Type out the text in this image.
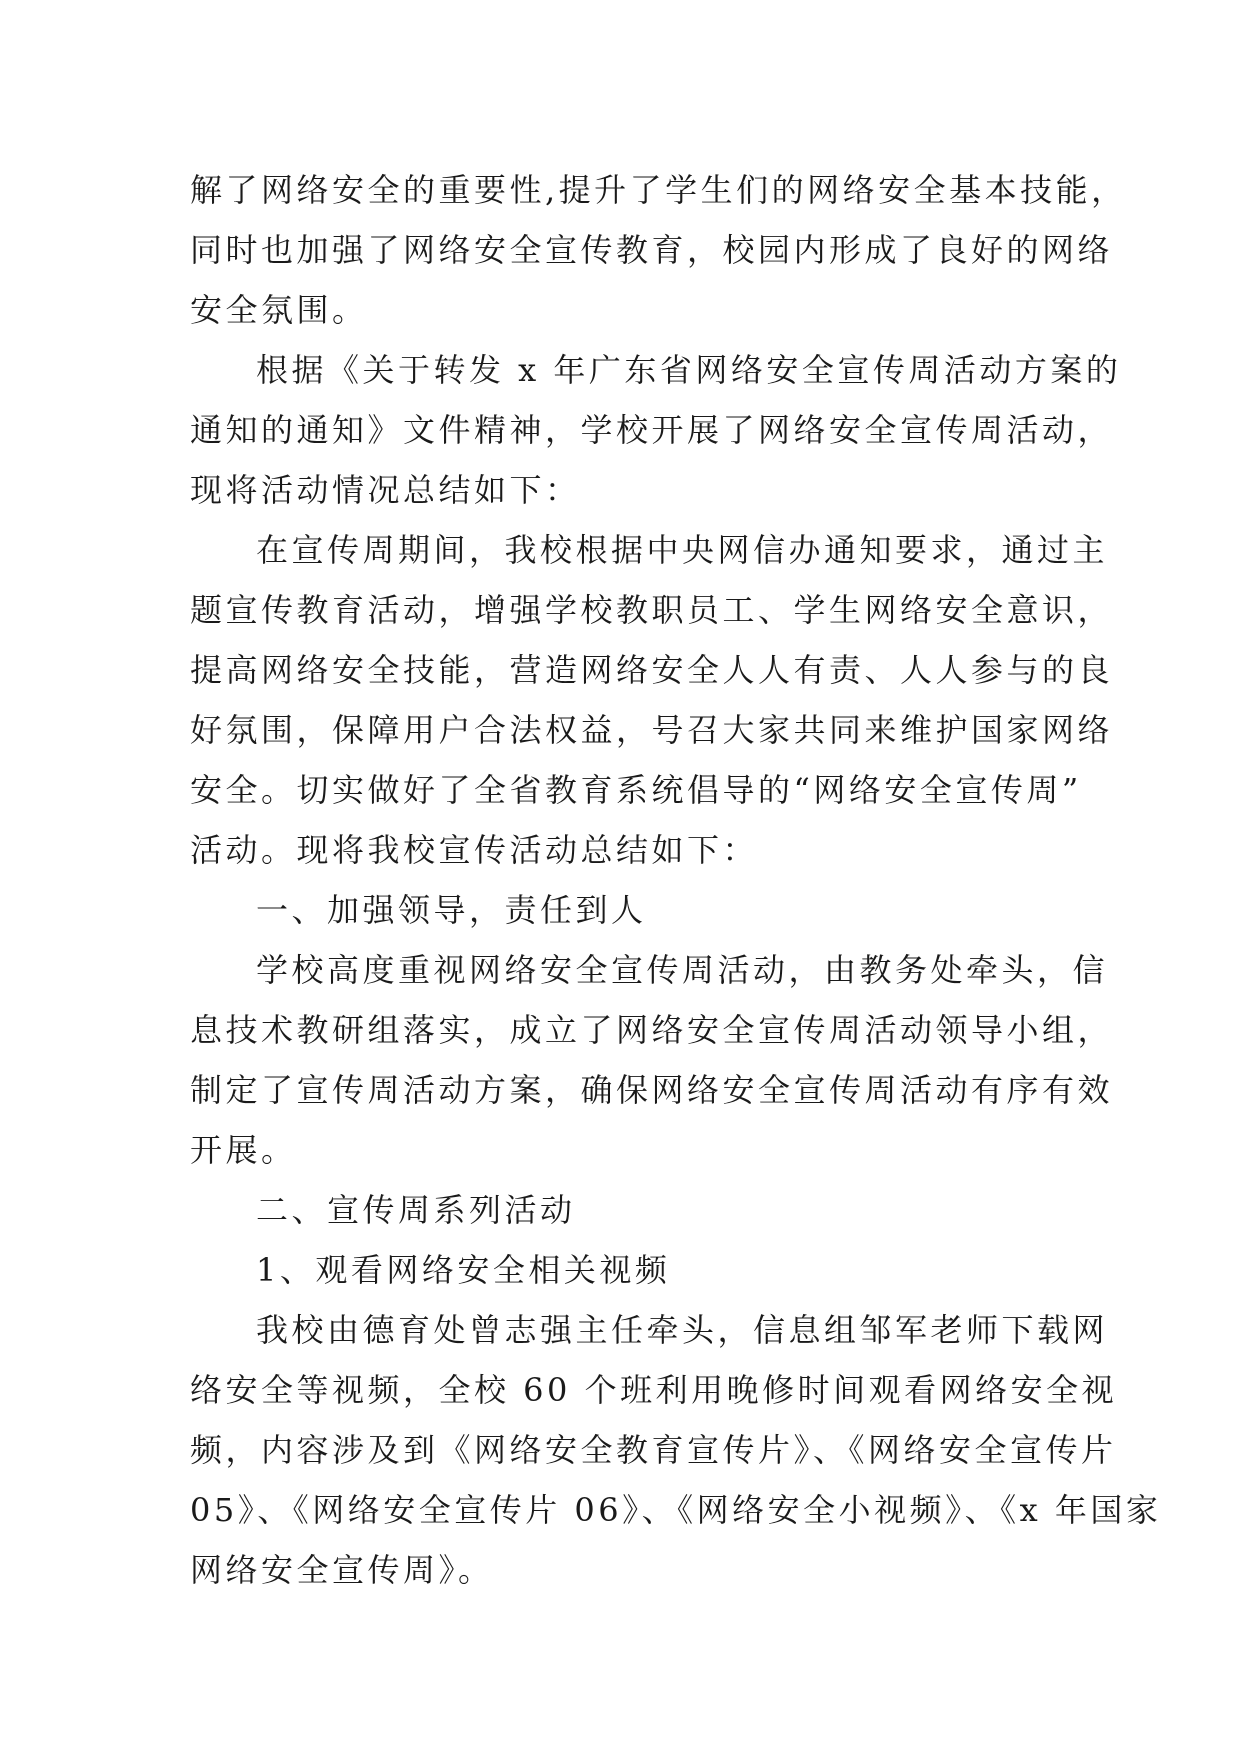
解了网络安全的重要性,提升了学生们的网络安全基本技能，
同时也加强了网络安全宣传教育，校园内形成了良好的网络
安全氛围。
根据《关于转发 x 年广东省网络安全宣传周活动方案的
通知的通知》文件精神，学校开展了网络安全宣传周活动，
现将活动情况总结如下：
在宣传周期间，我校根据中央网信办通知要求，通过主
题宣传教育活动，增强学校教职员工、学生网络安全意识，
提高网络安全技能，营造网络安全人人有责、人人参与的良
好氛围，保障用户合法权益，号召大家共同来维护国家网络
安全。切实做好了全省教育系统倡导的“网络安全宣传周”
活动。现将我校宣传活动总结如下：
一、加强领导，责任到人
学校高度重视网络安全宣传周活动，由教务处牵头，信
息技术教研组落实，成立了网络安全宣传周活动领导小组，
制定了宣传周活动方案，确保网络安全宣传周活动有序有效
开展。
二、宣传周系列活动
1、观看网络安全相关视频
我校由德育处曾志强主任牵头，信息组邹军老师下载网
络安全等视频，全校 60 个班利用晚修时间观看网络安全视
频，内容涉及到《网络安全教育宣传片》、《网络安全宣传片
05》、《网络安全宣传片 06》、《网络安全小视频》、《x 年国家
网络安全宣传周》。
